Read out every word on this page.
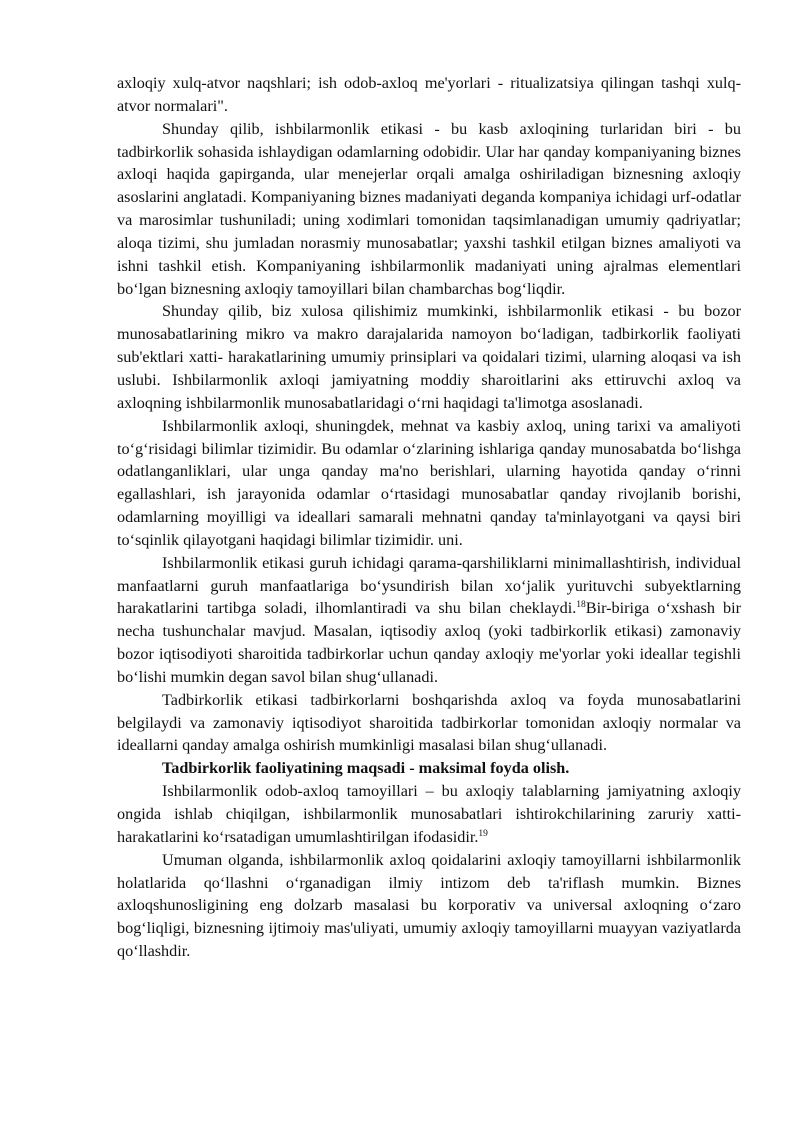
axloqiy xulq-atvor naqshlari; ish odob-axloq me'yorlari - ritualizatsiya qilingan tashqi xulq-atvor normalari".

Shunday qilib, ishbilarmonlik etikasi - bu kasb axloqining turlaridan biri - bu tadbirkorlik sohasida ishlaydigan odamlarning odobidir. Ular har qanday kompaniyaning biznes axloqi haqida gapirganda, ular menejerlar orqali amalga oshiriladigan biznesning axloqiy asoslarini anglatadi. Kompaniyaning biznes madaniyati deganda kompaniya ichidagi urf-odatlar va marosimlar tushuniladi; uning xodimlari tomonidan taqsimlanadigan umumiy qadriyatlar; aloqa tizimi, shu jumladan norasmiy munosabatlar; yaxshi tashkil etilgan biznes amaliyoti va ishni tashkil etish. Kompaniyaning ishbilarmonlik madaniyati uning ajralmas elementlari bo‘lgan biznesning axloqiy tamoyillari bilan chambarchas bog‘liqdir.

Shunday qilib, biz xulosa qilishimiz mumkinki, ishbilarmonlik etikasi - bu bozor munosabatlarining mikro va makro darajalarida namoyon bo‘ladigan, tadbirkorlik faoliyati sub'ektlari xatti- harakatlarining umumiy prinsiplari va qoidalari tizimi, ularning aloqasi va ish uslubi. Ishbilarmonlik axloqi jamiyatning moddiy sharoitlarini aks ettiruvchi axloq va axloqning ishbilarmonlik munosabatlaridagi o‘rni haqidagi ta'limotga asoslanadi.

Ishbilarmonlik axloqi, shuningdek, mehnat va kasbiy axloq, uning tarixi va amaliyoti to‘g‘risidagi bilimlar tizimidir. Bu odamlar o‘zlarining ishlariga qanday munosabatda bo‘lishga odatlanganliklari, ular unga qanday ma'no berishlari, ularning hayotida qanday o‘rinni egallashlari, ish jarayonida odamlar o‘rtasidagi munosabatlar qanday rivojlanib borishi, odamlarning moyilligi va ideallari samarali mehnatni qanday ta'minlayotgani va qaysi biri to‘sqinlik qilayotgani haqidagi bilimlar tizimidir. uni.

Ishbilarmonlik etikasi guruh ichidagi qarama-qarshiliklarni minimallashtirish, individual manfaatlarni guruh manfaatlariga bo‘ysundirish bilan xo‘jalik yurituvchi subyektlarning harakatlarini tartibga soladi, ilhomlantiradi va shu bilan cheklaydi.$^{18}$Bir-biriga o‘xshash bir necha tushunchalar mavjud. Masalan, iqtisodiy axloq (yoki tadbirkorlik etikasi) zamonaviy bozor iqtisodiyoti sharoitida tadbirkorlar uchun qanday axloqiy me'yorlar yoki ideallar tegishli bo‘lishi mumkin degan savol bilan shug‘ullanadi.

Tadbirkorlik etikasi tadbirkorlarni boshqarishda axloq va foyda munosabatlarini belgilaydi va zamonaviy iqtisodiyot sharoitida tadbirkorlar tomonidan axloqiy normalar va ideallarni qanday amalga oshirish mumkinligi masalasi bilan shug‘ullanadi.

Tadbirkorlik faoliyatining maqsadi - maksimal foyda olish.

Ishbilarmonlik odob-axloq tamoyillari – bu axloqiy talablarning jamiyatning axloqiy ongida ishlab chiqilgan, ishbilarmonlik munosabatlari ishtirokchilarining zaruriy xatti-harakatlarini ko‘rsatadigan umumlashtirilgan ifodasidir.$^{19}$

Umuman olganda, ishbilarmonlik axloq qoidalarini axloqiy tamoyillarni ishbilarmonlik holatlarida qo‘llashni o‘rganadigan ilmiy intizom deb ta'riflash mumkin. Biznes axloqshunosligining eng dolzarb masalasi bu korporativ va universal axloqning o‘zaro bog‘liqligi, biznesning ijtimoiy mas'uliyati, umumiy axloqiy tamoyillarni muayyan vaziyatlarda qo‘llashdir.
